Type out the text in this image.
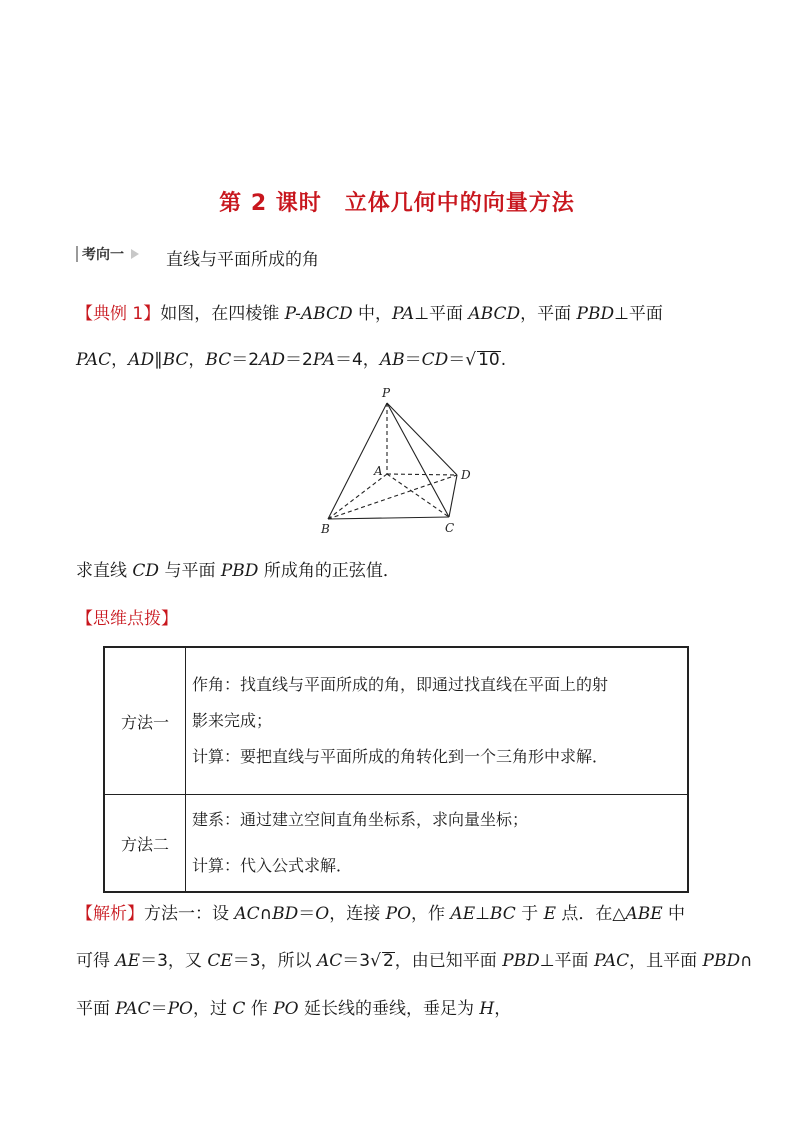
第 2 课时　立体几何中的向量方法
考向一 直线与平面所成的角
【典例 1】如图，在四棱锥 P-ABCD 中，PA⊥平面 ABCD，平面 PBD⊥平面
PAC，AD∥BC，BC＝2AD＝2PA＝4，AB＝CD＝√ 10.
P
A	D
B	C
求直线 CD 与平面 PBD 所成角的正弦值．
【思维点拨】
方法一	作角：找直线与平面所成的角，即通过找直线在平面上的射

影来完成；

计算：要把直线与平面所成的角转化到一个三角形中求解．

方法二	建系：通过建立空间直角坐标系，求向量坐标；

计算：代入公式求解．

【解析】方法一：设 AC∩BD＝O，连接 PO，作 AE⊥BC 于 E 点．在△ABE 中
可得 AE＝3，又 CE＝3，所以 AC＝3√ 2，由已知平面 PBD⊥平面 PAC，且平面 PBD∩
平面 PAC＝PO，过 C 作 PO 延长线的垂线，垂足为 H，
